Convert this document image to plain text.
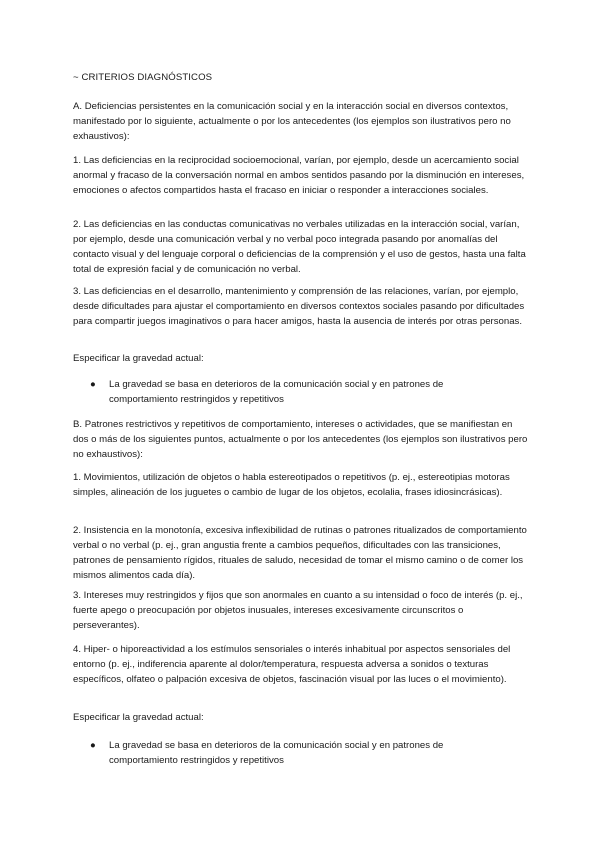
~ CRITERIOS DIAGNÓSTICOS

A. Deficiencias persistentes en la comunicación social y en la interacción social en diversos contextos, manifestado por lo siguiente, actualmente o por los antecedentes (los ejemplos son ilustrativos pero no exhaustivos):

1. Las deficiencias en la reciprocidad socioemocional, varían, por ejemplo, desde un acercamiento social anormal y fracaso de la conversación normal en ambos sentidos pasando por la disminución en intereses, emociones o afectos compartidos hasta el fracaso en iniciar o responder a interacciones sociales.

2. Las deficiencias en las conductas comunicativas no verbales utilizadas en la interacción social, varían, por ejemplo, desde una comunicación verbal y no verbal poco integrada pasando por anomalías del contacto visual y del lenguaje corporal o deficiencias de la comprensión y el uso de gestos, hasta una falta total de expresión facial y de comunicación no verbal.

3. Las deficiencias en el desarrollo, mantenimiento y comprensión de las relaciones, varían, por ejemplo, desde dificultades para ajustar el comportamiento en diversos contextos sociales pasando por dificultades para compartir juegos imaginativos o para hacer amigos, hasta la ausencia de interés por otras personas.

Especificar la gravedad actual:

●	La gravedad se basa en deterioros de la comunicación social y en patrones de comportamiento restringidos y repetitivos

B. Patrones restrictivos y repetitivos de comportamiento, intereses o actividades, que se manifiestan en dos o más de los siguientes puntos, actualmente o por los antecedentes (los ejemplos son ilustrativos pero no exhaustivos):

1. Movimientos, utilización de objetos o habla estereotipados o repetitivos (p. ej., estereotipias motoras simples, alineación de los juguetes o cambio de lugar de los objetos, ecolalia, frases idiosincrásicas).

2. Insistencia en la monotonía, excesiva inflexibilidad de rutinas o patrones ritualizados de comportamiento verbal o no verbal (p. ej., gran angustia frente a cambios pequeños, dificultades con las transiciones, patrones de pensamiento rígidos, rituales de saludo, necesidad de tomar el mismo camino o de comer los mismos alimentos cada día).

3. Intereses muy restringidos y fijos que son anormales en cuanto a su intensidad o foco de interés (p. ej., fuerte apego o preocupación por objetos inusuales, intereses excesivamente circunscritos o perseverantes).

4. Hiper- o hiporeactividad a los estímulos sensoriales o interés inhabitual por aspectos sensoriales del entorno (p. ej., indiferencia aparente al dolor/temperatura, respuesta adversa a sonidos o texturas específicos, olfateo o palpación excesiva de objetos, fascinación visual por las luces o el movimiento).

Especificar la gravedad actual:

●	La gravedad se basa en deterioros de la comunicación social y en patrones de comportamiento restringidos y repetitivos
